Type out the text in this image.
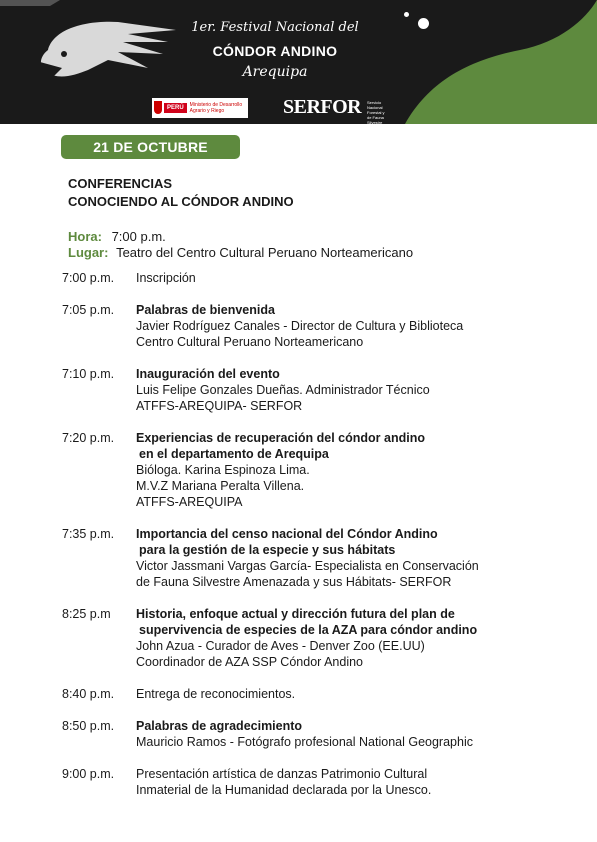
1er. Festival Nacional del
CÓNDOR ANDINO
Arequipa
PERÚ	Ministerio de Desarrollo Agrario y Riego	SERFOR Servicio Nacional Forestal y de Fauna Silvestre
21 DE OCTUBRE
CONFERENCIAS
CONOCIENDO AL CÓNDOR ANDINO
Hora: 7:00 p.m.
Lugar: Teatro del Centro Cultural Peruano Norteamericano
7:00 p.m.	Inscripción
7:05 p.m.	Palabras de bienvenida
Javier Rodríguez Canales - Director de Cultura y Biblioteca
Centro Cultural Peruano Norteamericano
7:10 p.m.	Inauguración del evento
Luis Felipe Gonzales Dueñas. Administrador Técnico
ATFFS-AREQUIPA- SERFOR
7:20 p.m.	Experiencias de recuperación del cóndor andino
en el departamento de Arequipa
Bióloga. Karina Espinoza Lima.
M.V.Z Mariana Peralta Villena.
ATFFS-AREQUIPA
7:35 p.m.	Importancia del censo nacional del Cóndor Andino
para la gestión de la especie y sus hábitats
Victor Jassmani Vargas García- Especialista en Conservación
de Fauna Silvestre Amenazada y sus Hábitats- SERFOR
8:25 p.m	Historia, enfoque actual y dirección futura del plan de
supervivencia de especies de la AZA para cóndor andino
John Azua - Curador de Aves - Denver Zoo (EE.UU)
Coordinador de AZA SSP Cóndor Andino
8:40 p.m.	Entrega de reconocimientos.
8:50 p.m.	Palabras de agradecimiento
Mauricio Ramos - Fotógrafo profesional National Geographic
9:00 p.m.	Presentación artística de danzas Patrimonio Cultural
Inmaterial de la Humanidad declarada por la Unesco.
